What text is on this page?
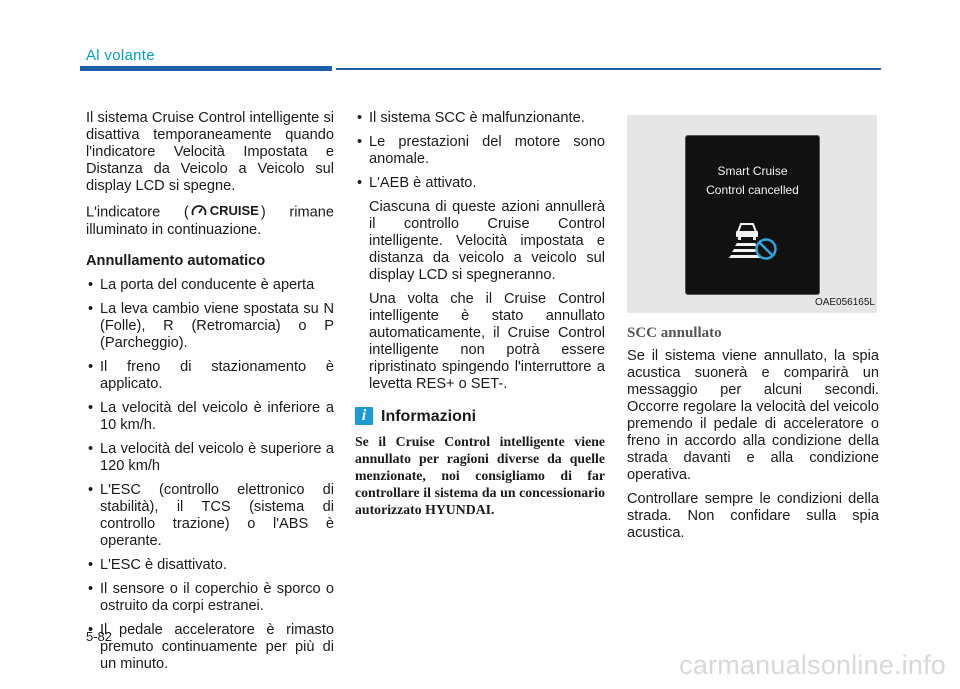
Al volante

Il sistema Cruise Control intelligente si disattiva temporaneamente quando l'indicatore Velocità Impostata e Distanza da Veicolo a Veicolo sul display LCD si spegne.

L'indicatore ( CRUISE ) rimane illuminato in continuazione.

Annullamento automatico
• La porta del conducente è aperta
• La leva cambio viene spostata su N (Folle), R (Retromarcia) o P (Parcheggio).
• Il freno di stazionamento è applicato.
• La velocità del veicolo è inferiore a 10 km/h.
• La velocità del veicolo è superiore a 120 km/h
• L'ESC (controllo elettronico di stabilità), il TCS (sistema di controllo trazione) o l'ABS è operante.
• L'ESC è disattivato.
• Il sensore o il coperchio è sporco o ostruito da corpi estranei.
• Il pedale acceleratore è rimasto premuto continuamente per più di un minuto.
• Il sistema SCC è malfunzionante.
• Le prestazioni del motore sono anomale.
• L'AEB è attivato.

Ciascuna di queste azioni annullerà il controllo Cruise Control intelligente. Velocità impostata e distanza da veicolo a veicolo sul display LCD si spegneranno.

Una volta che il Cruise Control intelligente è stato annullato automaticamente, il Cruise Control intelligente non potrà essere ripristinato spingendo l'interruttore a levetta RES+ o SET-.

i Informazioni

Se il Cruise Control intelligente viene annullato per ragioni diverse da quelle menzionate, noi consigliamo di far controllare il sistema da un concessionario autorizzato HYUNDAI.

Smart Cruise
Control cancelled
OAE056165L
SCC annullato

Se il sistema viene annullato, la spia acustica suonerà e comparirà un messaggio per alcuni secondi. Occorre regolare la velocità del veicolo premendo il pedale di acceleratore o freno in accordo alla condizione della strada davanti e alla condizione operativa.

Controllare sempre le condizioni della strada. Non confidare sulla spia acustica.

5-82
carmanualsonline.info
